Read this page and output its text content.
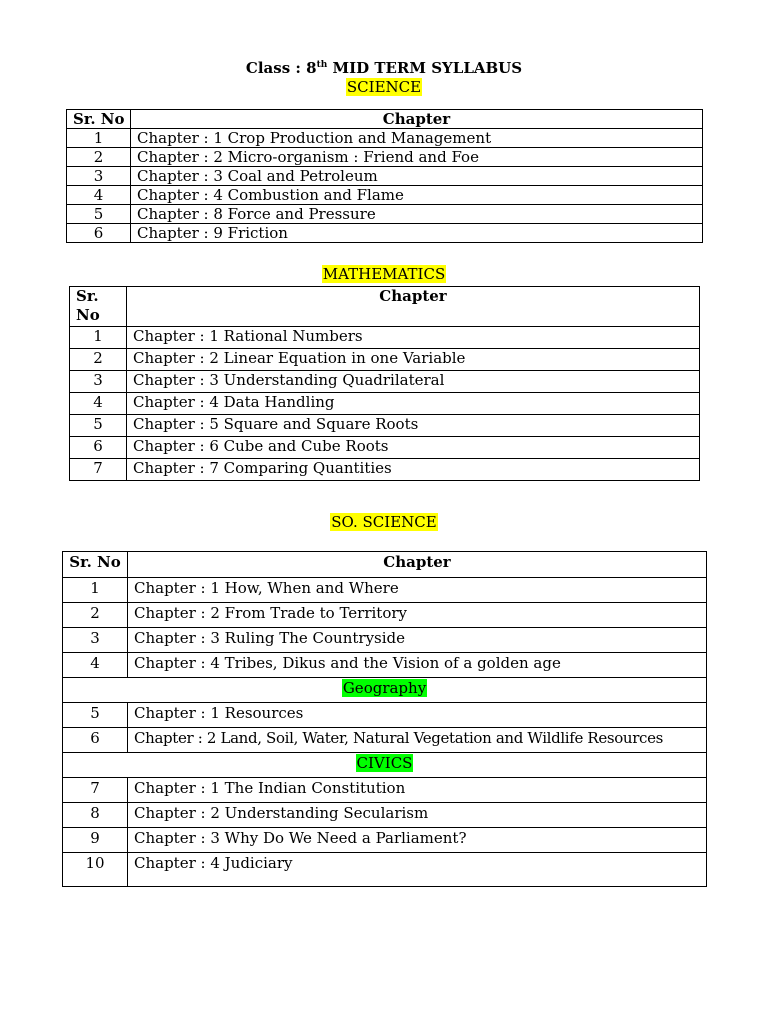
Class : 8th MID TERM SYLLABUS
SCIENCE
Sr. No	Chapter
1	Chapter : 1 Crop Production and Management
2	Chapter : 2 Micro-organism : Friend and Foe
3	Chapter : 3 Coal and Petroleum
4	Chapter : 4 Combustion and Flame
5	Chapter : 8 Force and Pressure
6	Chapter : 9 Friction
MATHEMATICS
Sr.
No	Chapter
1	Chapter : 1 Rational Numbers
2	Chapter : 2 Linear Equation in one Variable
3	Chapter : 3 Understanding Quadrilateral
4	Chapter : 4 Data Handling
5	Chapter : 5 Square and Square Roots
6	Chapter : 6 Cube and Cube Roots
7	Chapter : 7 Comparing Quantities
SO. SCIENCE
Sr. No	Chapter
1	Chapter : 1 How, When and Where
2	Chapter : 2 From Trade to Territory
3	Chapter : 3 Ruling The Countryside
4	Chapter : 4 Tribes, Dikus and the Vision of a golden age
Geography	
5	Chapter : 1 Resources
6	Chapter : 2 Land, Soil, Water, Natural Vegetation and Wildlife Resources
CIVICS	
7	Chapter : 1 The Indian Constitution
8	Chapter : 2 Understanding Secularism
9	Chapter : 3 Why Do We Need a Parliament?
10	Chapter : 4 Judiciary
